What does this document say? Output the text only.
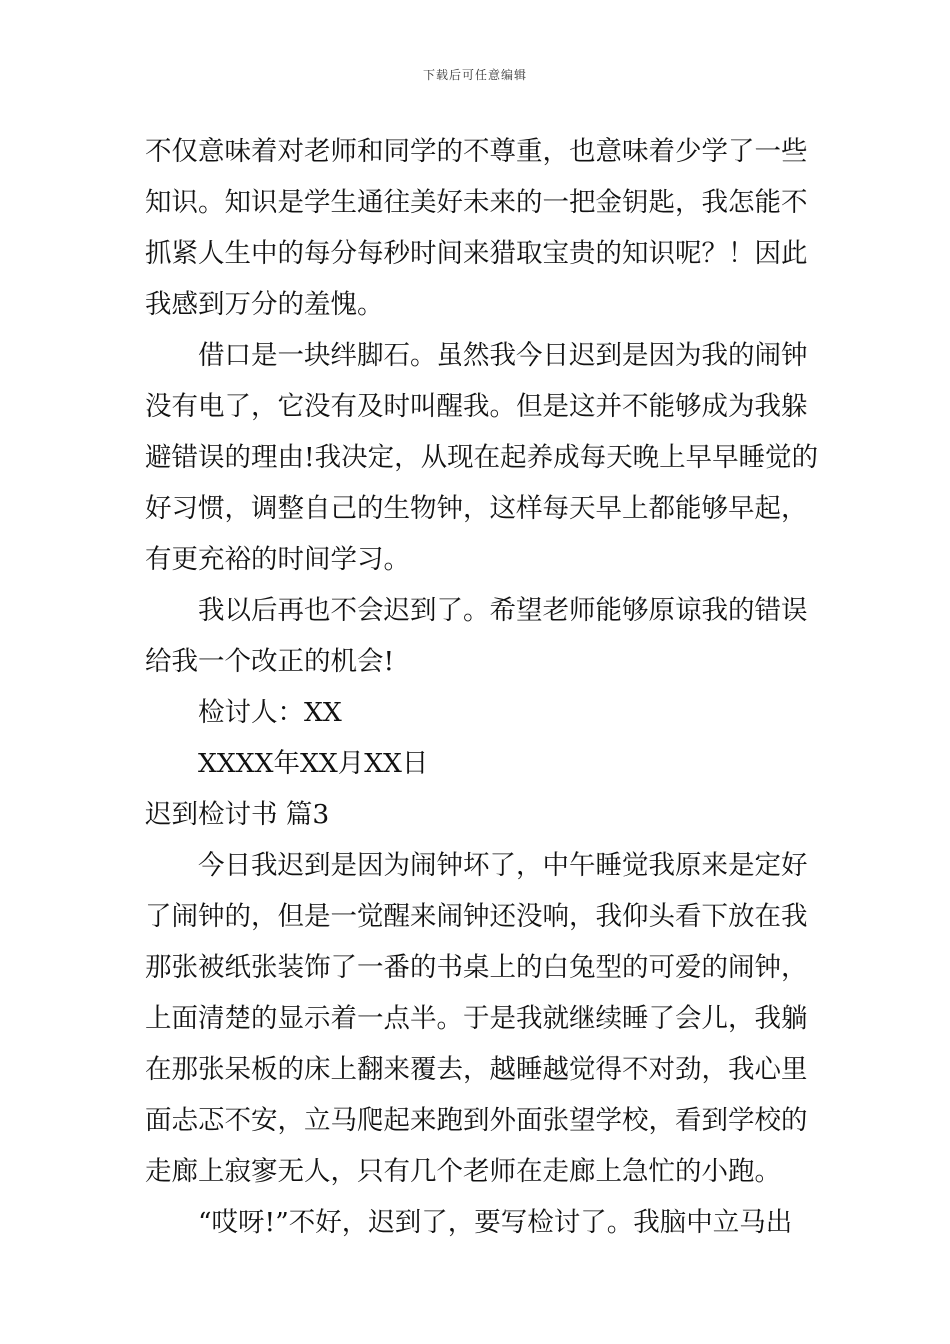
下载后可任意编辑
不仅意味着对老师和同学的不尊重，也意味着少学了一些
知识。知识是学生通往美好未来的一把金钥匙，我怎能不
抓紧人生中的每分每秒时间来猎取宝贵的知识呢？！因此
我感到万分的羞愧。
借口是一块绊脚石。虽然我今日迟到是因为我的闹钟
没有电了，它没有及时叫醒我。但是这并不能够成为我躲
避错误的理由!我决定，从现在起养成每天晚上早早睡觉的
好习惯，调整自己的生物钟，这样每天早上都能够早起，
有更充裕的时间学习。
我以后再也不会迟到了。希望老师能够原谅我的错误
给我一个改正的机会!
检讨人：XX
XXXX年XX月XX日
迟到检讨书 篇3
今日我迟到是因为闹钟坏了，中午睡觉我原来是定好
了闹钟的，但是一觉醒来闹钟还没响，我仰头看下放在我
那张被纸张装饰了一番的书桌上的白兔型的可爱的闹钟，
上面清楚的显示着一点半。于是我就继续睡了会儿，我躺
在那张呆板的床上翻来覆去，越睡越觉得不对劲，我心里
面忐忑不安，立马爬起来跑到外面张望学校，看到学校的
走廊上寂寥无人，只有几个老师在走廊上急忙的小跑。
“哎呀!”不好，迟到了，要写检讨了。我脑中立马出
